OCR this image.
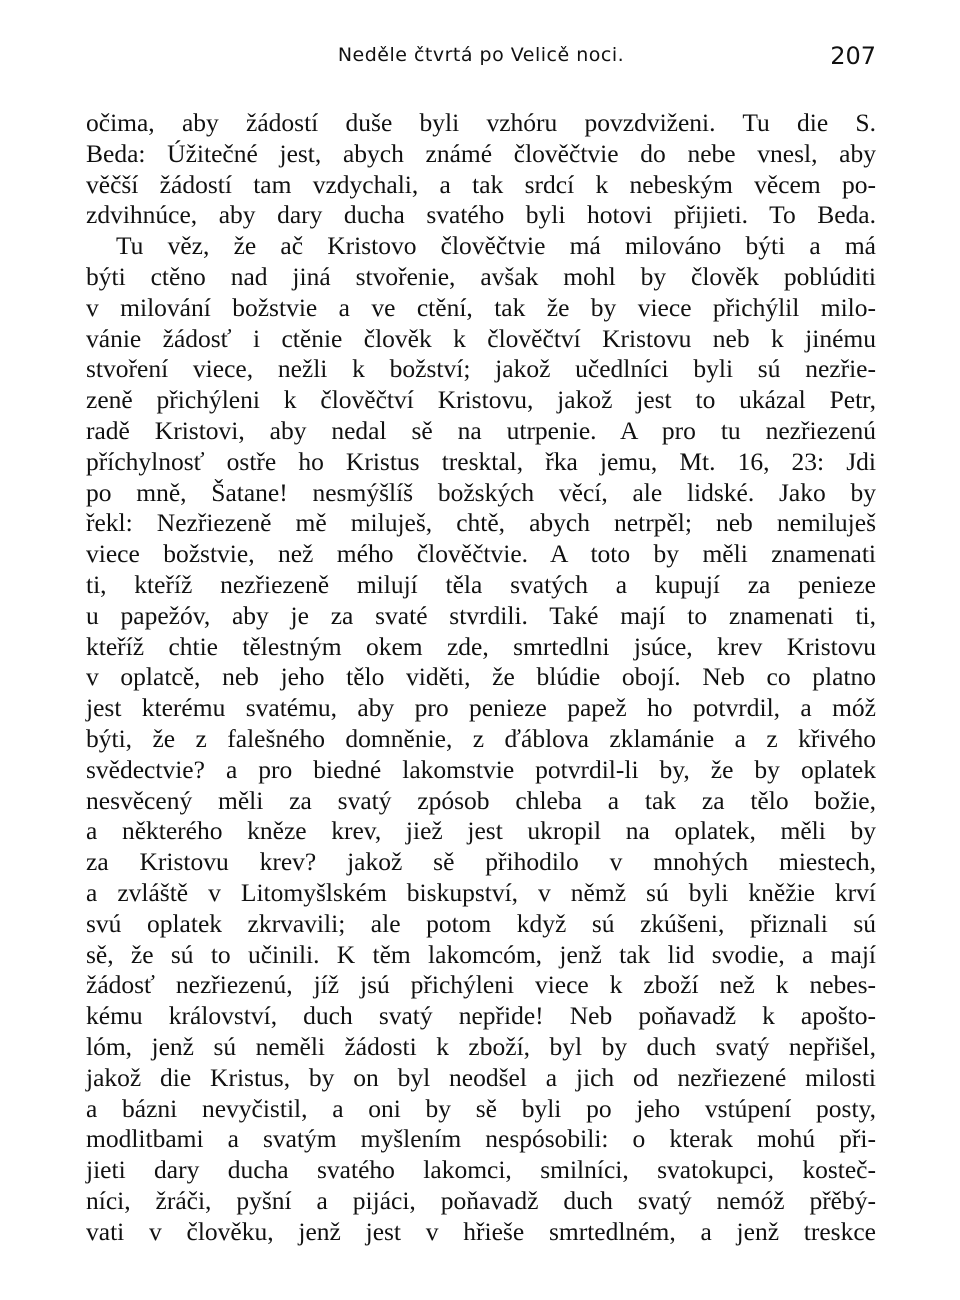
Neděle čtvrtá po Velicě noci.	207
očima, aby žádostí duše byli vzhóru povzdviženi. Tu die S.
Beda: Úžitečné jest, abych známé člověčtvie do nebe vnesl, aby
věčší žádostí tam vzdychali, a tak srdcí k nebeským věcem po-
zdvihnúce, aby dary ducha svatého byli hotovi přijieti. To Beda.
Tu věz, že ač Kristovo člověčtvie má milováno býti a má
býti ctěno nad jiná stvořenie, avšak mohl by člověk poblúditi
v milování božstvie a ve ctění, tak že by viece přichýlil milo-
vánie žádosť i ctěnie člověk k člověčtví Kristovu neb k jinému
stvoření viece, nežli k božství; jakož učedlníci byli sú nezřie-
zeně přichýleni k člověčtví Kristovu, jakož jest to ukázal Petr,
radě Kristovi, aby nedal sě na utrpenie. A pro tu nezřiezenú
příchylnosť ostře ho Kristus tresktal, řka jemu, Mt. 16, 23: Jdi
po mně, Šatane! nesmýšlíš božských věcí, ale lidské. Jako by
řekl: Nezřiezeně mě miluješ, chtě, abych netrpěl; neb nemiluješ
viece božstvie, než mého člověčtvie. A toto by měli znamenati
ti, kteříž nezřiezeně milují těla svatých a kupují za penieze
u papežóv, aby je za svaté stvrdili. Také mají to znamenati ti,
kteříž chtie tělestným okem zde, smrtedlni jsúce, krev Kristovu
v oplatcě, neb jeho tělo viděti, že blúdie obojí. Neb co platno
jest kterému svatému, aby pro penieze papež ho potvrdil, a móž
býti, že z falešného domněnie, z ďáblova zklamánie a z křivého
svědectvie? a pro biedné lakomstvie potvrdil-li by, že by oplatek
nesvěcený měli za svatý zpósob chleba a tak za tělo božie,
a některého kněze krev, jiež jest ukropil na oplatek, měli by
za Kristovu krev? jakož sě přihodilo v mnohých miestech,
a zvláště v Litomyšlském biskupství, v němž sú byli kněžie krví
svú oplatek zkrvavili; ale potom když sú zkúšeni, přiznali sú
sě, že sú to učinili. K těm lakomcóm, jenž tak lid svodie, a mají
žádosť nezřiezenú, jíž jsú přichýleni viece k zboží než k nebes-
kému království, duch svatý nepřide! Neb poňavadž k apošto-
lóm, jenž sú neměli žádosti k zboží, byl by duch svatý nepřišel,
jakož die Kristus, by on byl neodšel a jich od nezřiezené milosti
a bázni nevyčistil, a oni by sě byli po jeho vstúpení posty,
modlitbami a svatým myšlením nespósobili: o kterak mohú při-
jieti dary ducha svatého lakomci, smilníci, svatokupci, kosteč-
níci, žráči, pyšní a pijáci, poňavadž duch svatý nemóž přěbý-
vati v člověku, jenž jest v hřieše smrtedlném, a jenž treskce
